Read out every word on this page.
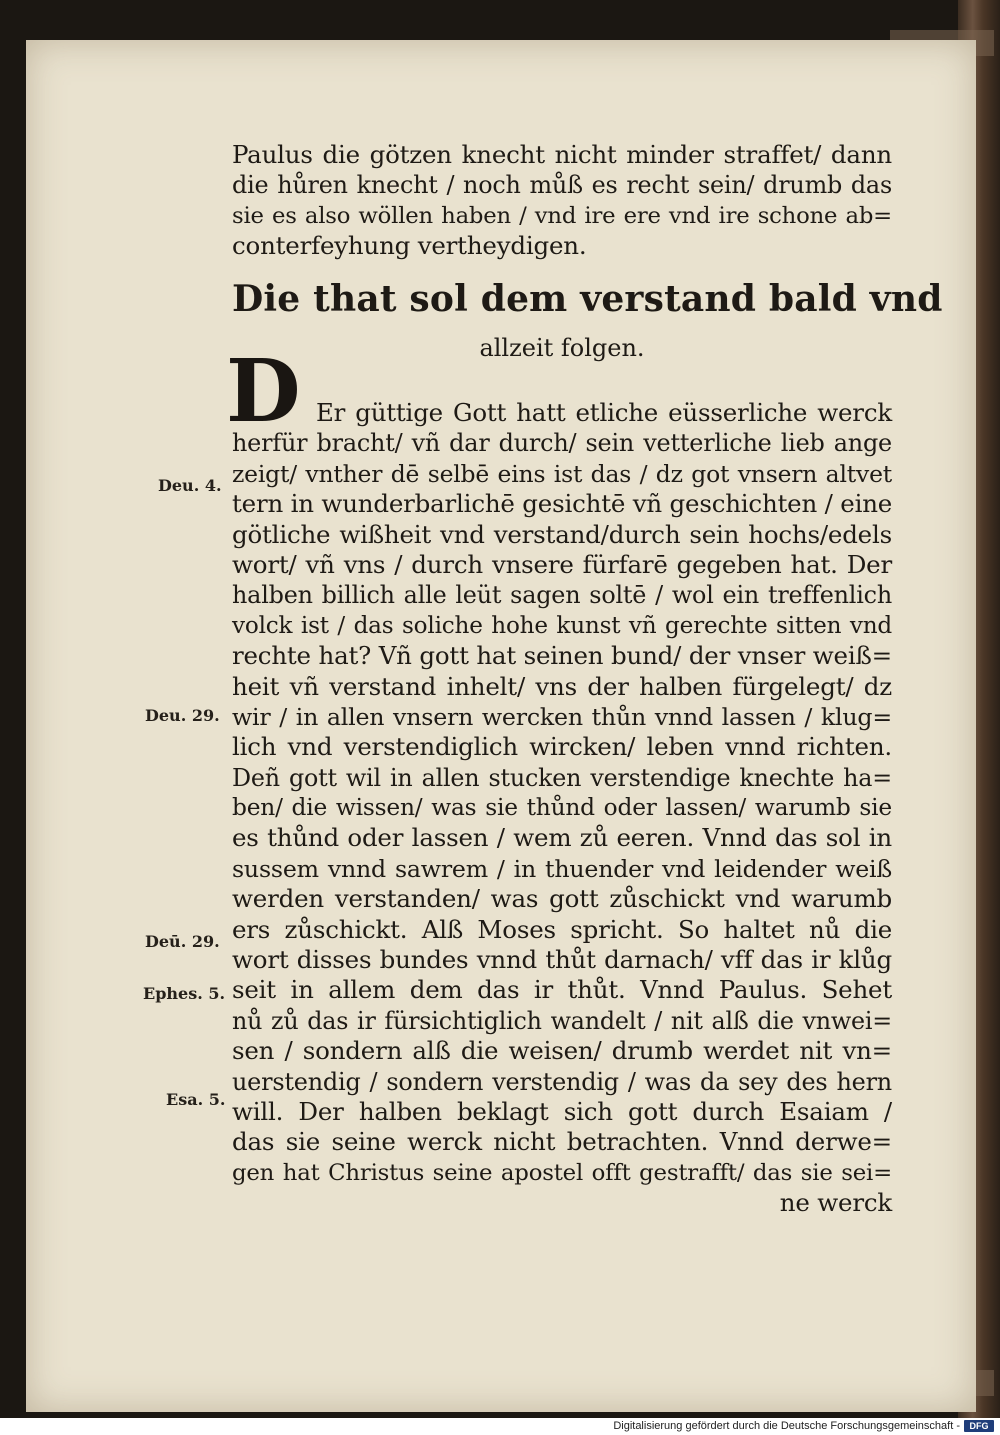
Paulus die götzen knecht nicht minder straffet/ dann
die hůren knecht / noch můß es recht sein/ drumb das
sie es also wöllen haben / vnd ire ere vnd ire schone ab=
conterfeyhung vertheydigen.
Die that sol dem verstand bald vnd
allzeit folgen.
D Er güttige Gott hatt etliche eüsserliche werck
herfür bracht/ vñ dar durch/ sein vetterliche lieb ange
zeigt/ vnther dē selbē eins ist das / dz got vnsern altvet
tern in wunderbarlichē gesichtē vñ geschichten / eine
götliche wißheit vnd verstand/durch sein hochs/edels
wort/ vñ vns / durch vnsere fürfarē gegeben hat. Der
halben billich alle leüt sagen soltē / wol ein treffenlich
volck ist / das soliche hohe kunst vñ gerechte sitten vnd
rechte hat? Vñ gott hat seinen bund/ der vnser weiß=
heit vñ verstand inhelt/ vns der halben fürgelegt/ dz
wir / in allen vnsern wercken thůn vnnd lassen / klug=
lich vnd verstendiglich wircken/ leben vnnd richten.
Deñ gott wil in allen stucken verstendige knechte ha=
ben/ die wissen/ was sie thůnd oder lassen/ warumb sie
es thůnd oder lassen / wem zů eeren. Vnnd das sol in
sussem vnnd sawrem / in thuender vnd leidender weiß
werden verstanden/ was gott zůschickt vnd warumb
ers zůschickt. Alß Moses spricht. So haltet nů die
wort disses bundes vnnd thůt darnach/ vff das ir klůg
seit in allem dem das ir thůt. Vnnd Paulus. Sehet
nů zů das ir fürsichtiglich wandelt / nit alß die vnwei=
sen / sondern alß die weisen/ drumb werdet nit vn=
uerstendig / sondern verstendig / was da sey des hern
will. Der halben beklagt sich gott durch Esaiam /
das sie seine werck nicht betrachten. Vnnd derwe=
gen hat Christus seine apostel offt gestrafft/ das sie sei=
ne werck
Deu. 4.
Deu. 29.
Deū. 29.
Ephes. 5.
Esa. 5.
Digitalisierung gefördert durch die Deutsche Forschungsgemeinschaft -	DFG
